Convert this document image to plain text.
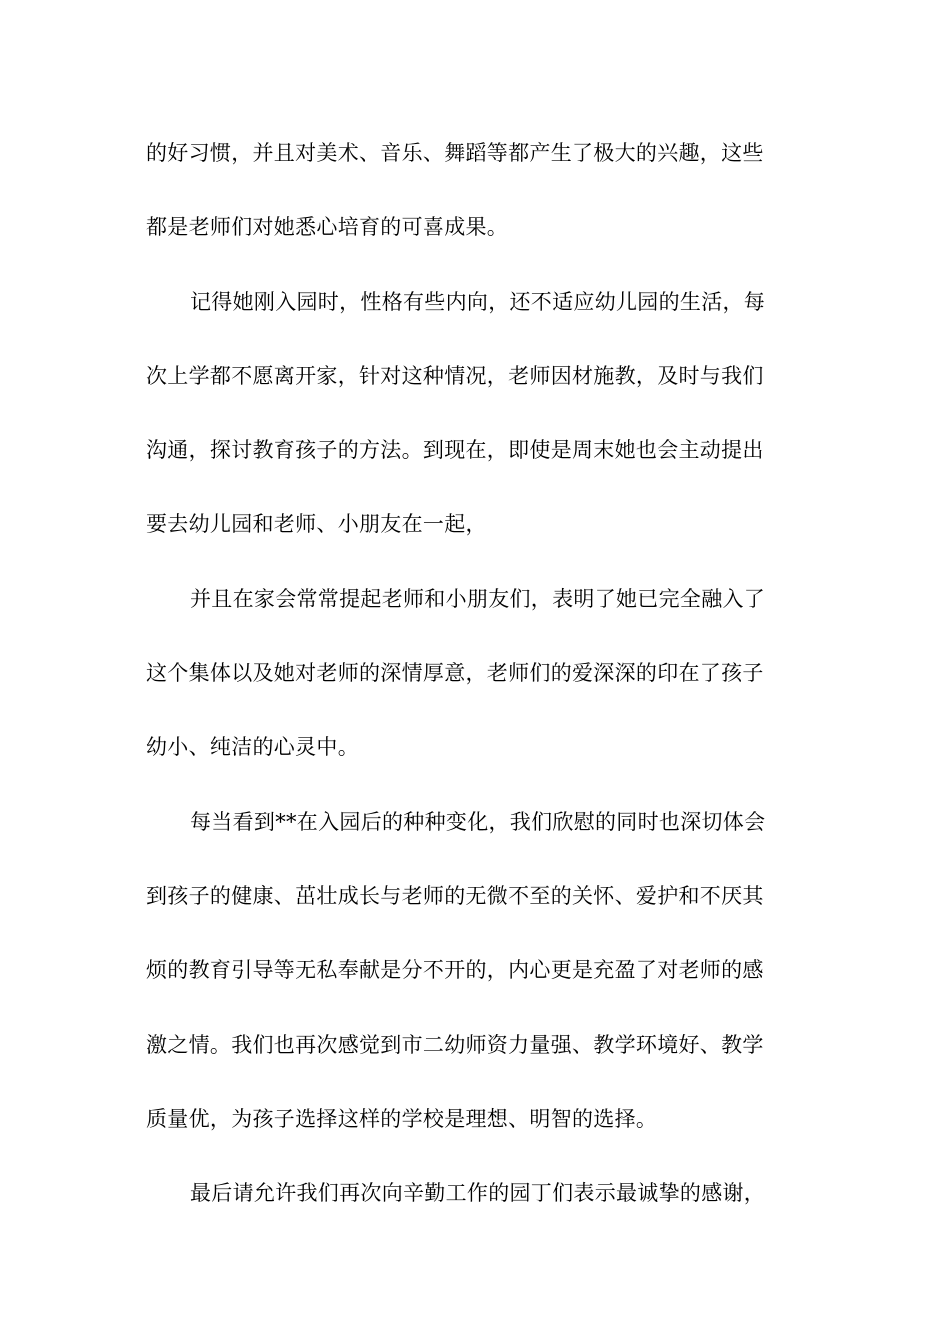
的好习惯，并且对美术、音乐、舞蹈等都产生了极大的兴趣，这些
都是老师们对她悉心培育的可喜成果。
记得她刚入园时，性格有些内向，还不适应幼儿园的生活，每
次上学都不愿离开家，针对这种情况，老师因材施教，及时与我们
沟通，探讨教育孩子的方法。到现在，即使是周末她也会主动提出
要去幼儿园和老师、小朋友在一起，
并且在家会常常提起老师和小朋友们，表明了她已完全融入了
这个集体以及她对老师的深情厚意，老师们的爱深深的印在了孩子
幼小、纯洁的心灵中。
每当看到**在入园后的种种变化，我们欣慰的同时也深切体会
到孩子的健康、茁壮成长与老师的无微不至的关怀、爱护和不厌其
烦的教育引导等无私奉献是分不开的，内心更是充盈了对老师的感
激之情。我们也再次感觉到市二幼师资力量强、教学环境好、教学
质量优，为孩子选择这样的学校是理想、明智的选择。
最后请允许我们再次向辛勤工作的园丁们表示最诚挚的感谢，
